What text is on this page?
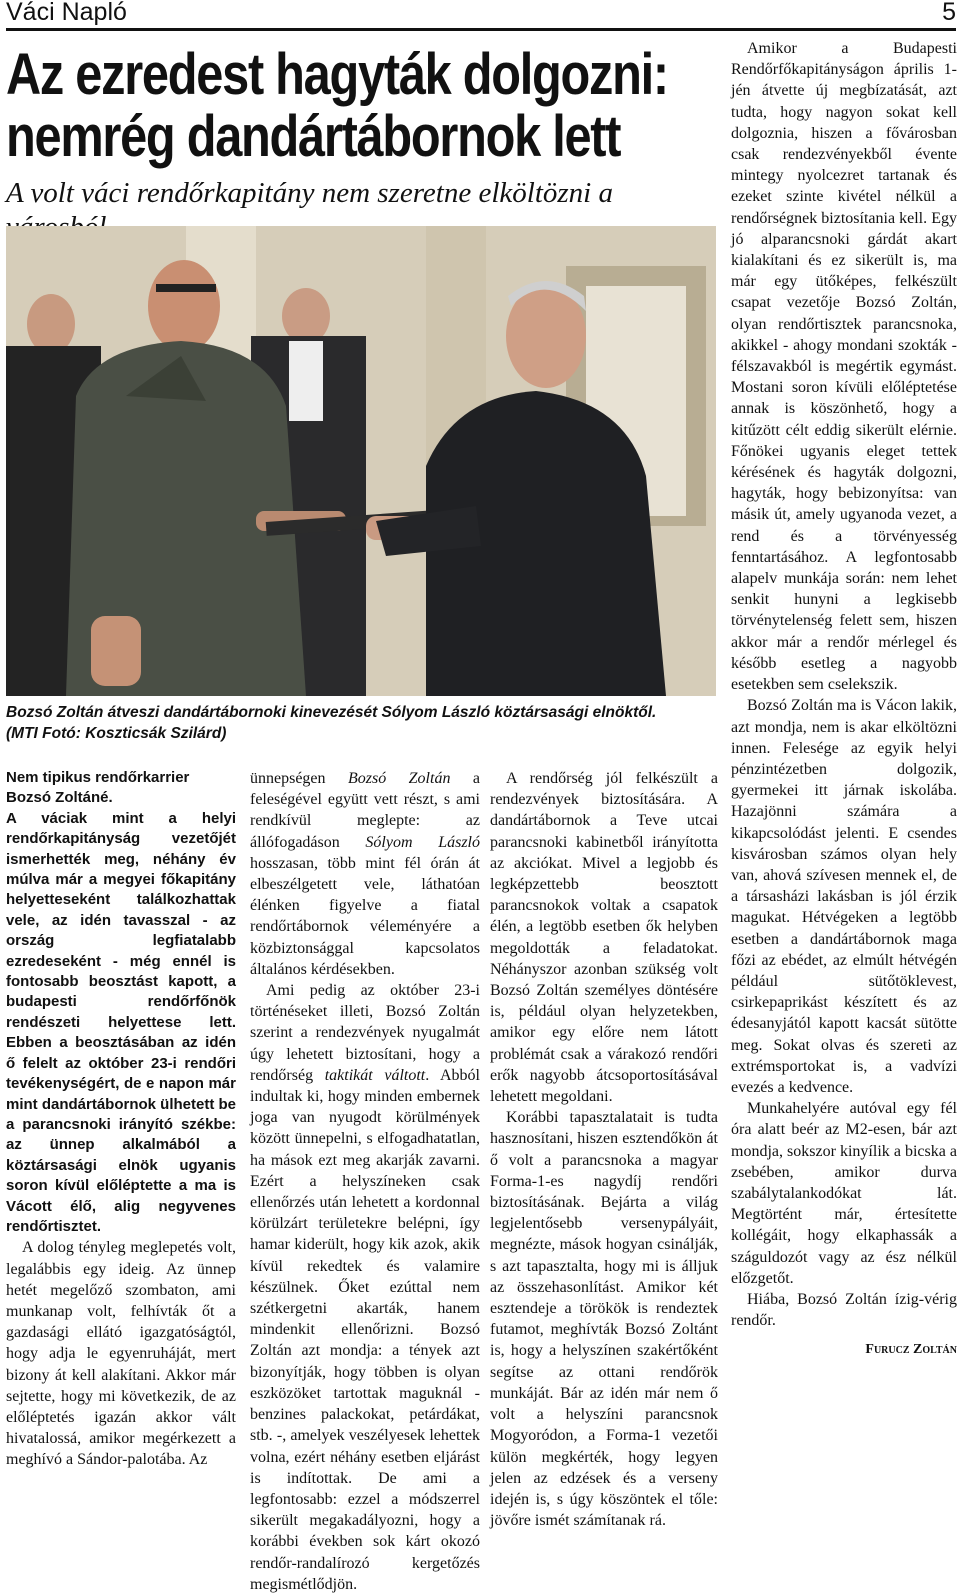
Váci Napló	5
Az ezredest hagyták dolgozni:
nemrég dandártábornok lett
A volt váci rendőrkapitány nem szeretne elköltözni a
Bozsó Zoltán átveszi dandártábornoki kinevezését Sólyom László köztársasági elnöktől.
(MTI Fotó: Koszticsák Szilárd)

Nem tipikus rendőrkarrier Bozsó Zoltáné.

A váciak mint a helyi rendőrkapitányság vezetőjét ismerhették meg, néhány év múlva már a megyei főkapitány helyetteseként találkozhattak vele, az idén tavasszal - az ország legfiatalabb ezredeseként - még ennél is fontosabb beosztást kapott, a budapesti rendőrfőnök rendészeti helyettese lett. Ebben a beosztásában az idén ő felelt az október 23-i rendőri tevékenységért, de e napon már mint dandártábornok ülhetett be a parancsnoki irányító székbe: az ünnep alkalmából a köztársasági elnök ugyanis soron kívül előléptette a ma is Vácott élő, alig negyvenes rendőrtisztet.

A dolog tényleg meglepetés volt, legalábbis egy ideig. Az ünnep hetét megelőző szombaton, ami munkanap volt, felhívták őt a gazdasági ellátó igazgatóságtól, hogy adja le egyenruháját, mert bizony át kell alakítani. Akkor már sejtette, hogy mi következik, de az előléptetés igazán akkor vált hivatalossá, amikor megérkezett a meghívó a Sándor-palotába. Az

ünnepségen Bozsó Zoltán a feleségével együtt vett részt, s ami rendkívül meglepte: az állófogadáson Sólyom László hosszasan, több mint fél órán át elbeszélgetett vele, láthatóan élénken figyelve a fiatal rendőrtábornok véleményére a közbiztonsággal kapcsolatos általános kérdésekben.

Ami pedig az október 23-i történéseket illeti, Bozsó Zoltán szerint a rendezvények nyugalmát úgy lehetett biztosítani, hogy a rendőrség taktikát váltott. Abból indultak ki, hogy minden embernek joga van nyugodt körülmények között ünnepelni, s elfogadhatatlan, ha mások ezt meg akarják zavarni. Ezért a helyszíneken csak ellenőrzés után lehetett a kordonnal körülzárt területekre belépni, így hamar kiderült, hogy kik azok, akik kívül rekedtek és valamire készülnek. Őket ezúttal nem szétkergetni akarták, hanem mindenkit ellenőrizni. Bozsó Zoltán azt mondja: a tények azt bizonyítják, hogy többen is olyan eszközöket tartottak maguknál - benzines palackokat, petárdákat, stb. -, amelyek veszélyesek lehettek volna, ezért néhány esetben eljárást is indítottak. De ami a legfontosabb: ezzel a módszerrel sikerült megakadályozni, hogy a korábbi években sok kárt okozó rendőr-randalírozó kergetőzés megismétlődjön.

A rendőrség jól felkészült a rendezvények biztosítására. A dandártábornok a Teve utcai parancsnoki kabinetből irányította az akciókat. Mivel a legjobb és legképzettebb beosztott parancsnokok voltak a csapatok élén, a legtöbb esetben ők helyben megoldották a feladatokat. Néhányszor azonban szükség volt Bozsó Zoltán személyes döntésére is, például olyan helyzetekben, amikor egy előre nem látott problémát csak a várakozó rendőri erők nagyobb átcsoportosításával lehetett megoldani.

Korábbi tapasztalatait is tudta hasznosítani, hiszen esztendőkön át ő volt a parancsnoka a magyar Forma-1-es nagydíj rendőri biztosításának. Bejárta a világ legjelentősebb versenypályáit, megnézte, mások hogyan csinálják, s azt tapasztalta, hogy mi is álljuk az összehasonlítást. Amikor két esztendeje a törökök is rendeztek futamot, meghívták Bozsó Zoltánt is, hogy a helyszínen szakértőként segítse az ottani rendőrök munkáját. Bár az idén már nem ő volt a helyszíni parancsnok Mogyoródon, a Forma-1 vezetői külön megkérték, hogy legyen jelen az edzések és a verseny idején is, s úgy köszöntek el tőle: jövőre ismét számítanak rá.

Amikor a Budapesti Rendőrfőkapitányságon április 1-jén átvette új megbízatását, azt tudta, hogy nagyon sokat kell dolgoznia, hiszen a fővárosban csak rendezvényekből évente mintegy nyolcezret tartanak és ezeket szinte kivétel nélkül a rendőrségnek biztosítania kell. Egy jó alparancsnoki gárdát akart kialakítani és ez sikerült is, ma már egy ütőképes, felkészült csapat vezetője Bozsó Zoltán, olyan rendőrtisztek parancsnoka, akikkel - ahogy mondani szokták - félszavakból is megértik egymást. Mostani soron kívüli előléptetése annak is köszönhető, hogy a kitűzött célt eddig sikerült elérnie. Főnökei ugyanis eleget tettek kérésének és hagyták dolgozni, hagyták, hogy bebizonyítsa: van másik út, amely ugyanoda vezet, a rend és a törvényesség fenntartásához. A legfontosabb alapelv munkája során: nem lehet senkit hunyni a legkisebb törvénytelenség felett sem, hiszen akkor már a rendőr mérlegel és később esetleg a nagyobb esetekben sem cselekszik.

Bozsó Zoltán ma is Vácon lakik, azt mondja, nem is akar elköltözni innen. Felesége az egyik helyi pénzintézetben dolgozik, gyermekei itt járnak iskolába. Hazajönni számára a kikapcsolódást jelenti. E csendes kisvárosban számos olyan hely van, ahová szívesen mennek el, de a társasházi lakásban is jól érzik magukat. Hétvégeken a legtöbb esetben a dandártábornok maga főzi az ebédet, az elmúlt hétvégén például sütőtöklevest, csirkepaprikást készített és az édesanyjától kapott kacsát sütötte meg. Sokat olvas és szereti az extrémsportokat is, a vadvízi evezés a kedvence.

Munkahelyére autóval egy fél óra alatt beér az M2-esen, bár azt mondja, sokszor kinyílik a bicska a zsebében, amikor durva szabálytalankodókat lát. Megtörtént már, értesítette kollégáit, hogy elkaphassák a száguldozót vagy az ész nélkül előzgetőt.

Hiába, Bozsó Zoltán ízig-vérig rendőr.

Furucz Zoltán
